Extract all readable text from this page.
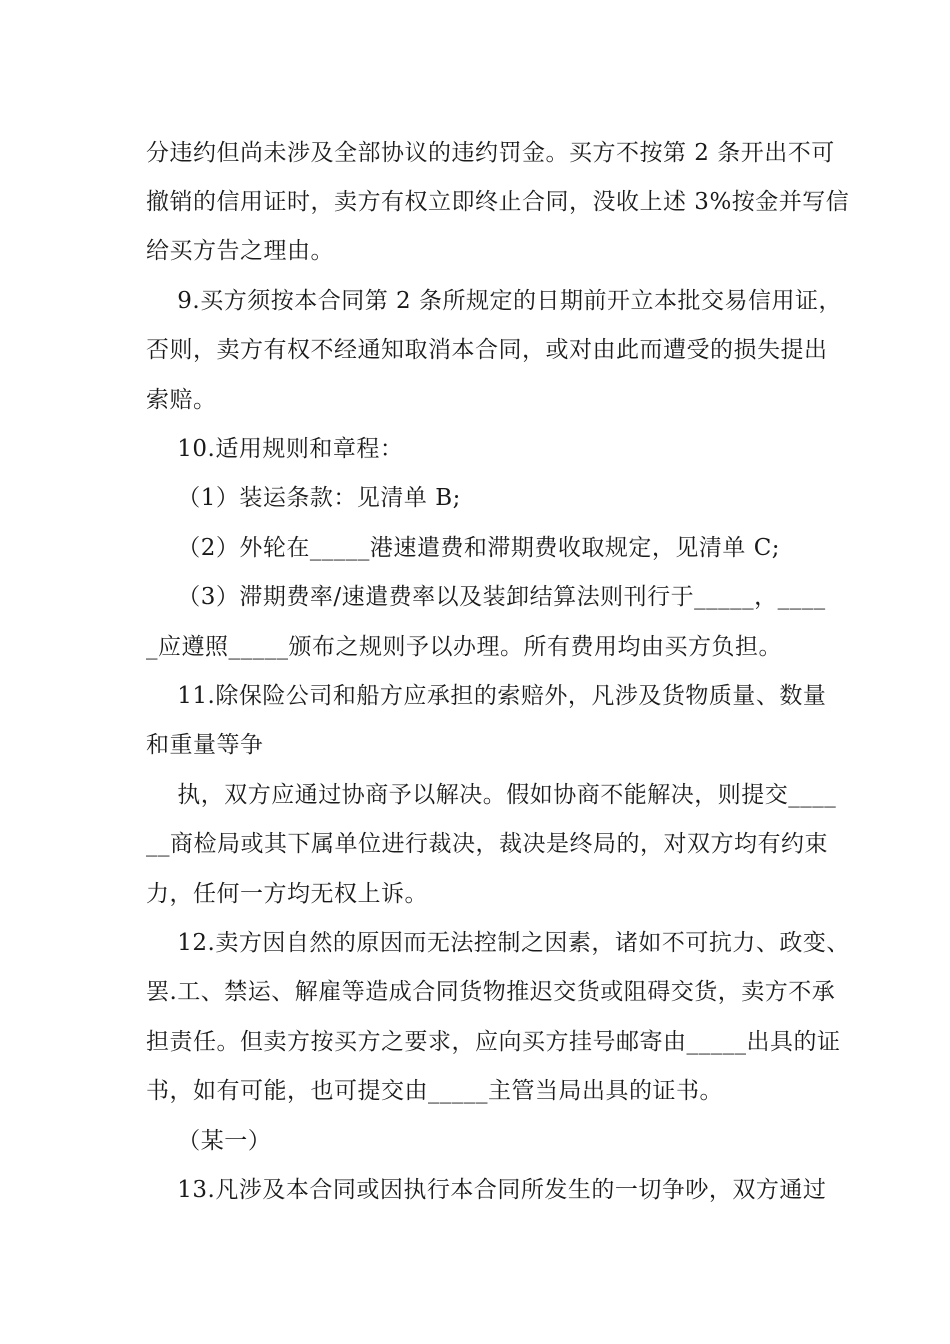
分违约但尚未涉及全部协议的违约罚金。买方不按第 2 条开出不可
撤销的信用证时，卖方有权立即终止合同，没收上述 3%按金并写信
给买方告之理由。
9.买方须按本合同第 2 条所规定的日期前开立本批交易信用证，
否则，卖方有权不经通知取消本合同，或对由此而遭受的损失提出
索赔。
10.适用规则和章程：
（1）装运条款：见清单 B;
（2）外轮在_____港速遣费和滞期费收取规定，见清单 C;
（3）滞期费率/速遣费率以及装卸结算法则刊行于_____，____
_应遵照_____颁布之规则予以办理。所有费用均由买方负担。
11.除保险公司和船方应承担的索赔外，凡涉及货物质量、数量
和重量等争
执，双方应通过协商予以解决。假如协商不能解决，则提交____
__商检局或其下属单位进行裁决，裁决是终局的，对双方均有约束
力，任何一方均无权上诉。
12.卖方因自然的原因而无法控制之因素，诸如不可抗力、政变、
罢.工、禁运、解雇等造成合同货物推迟交货或阻碍交货，卖方不承
担责任。但卖方按买方之要求，应向买方挂号邮寄由_____出具的证
书，如有可能，也可提交由_____主管当局出具的证书。
（某一）
13.凡涉及本合同或因执行本合同所发生的一切争吵，双方通过
